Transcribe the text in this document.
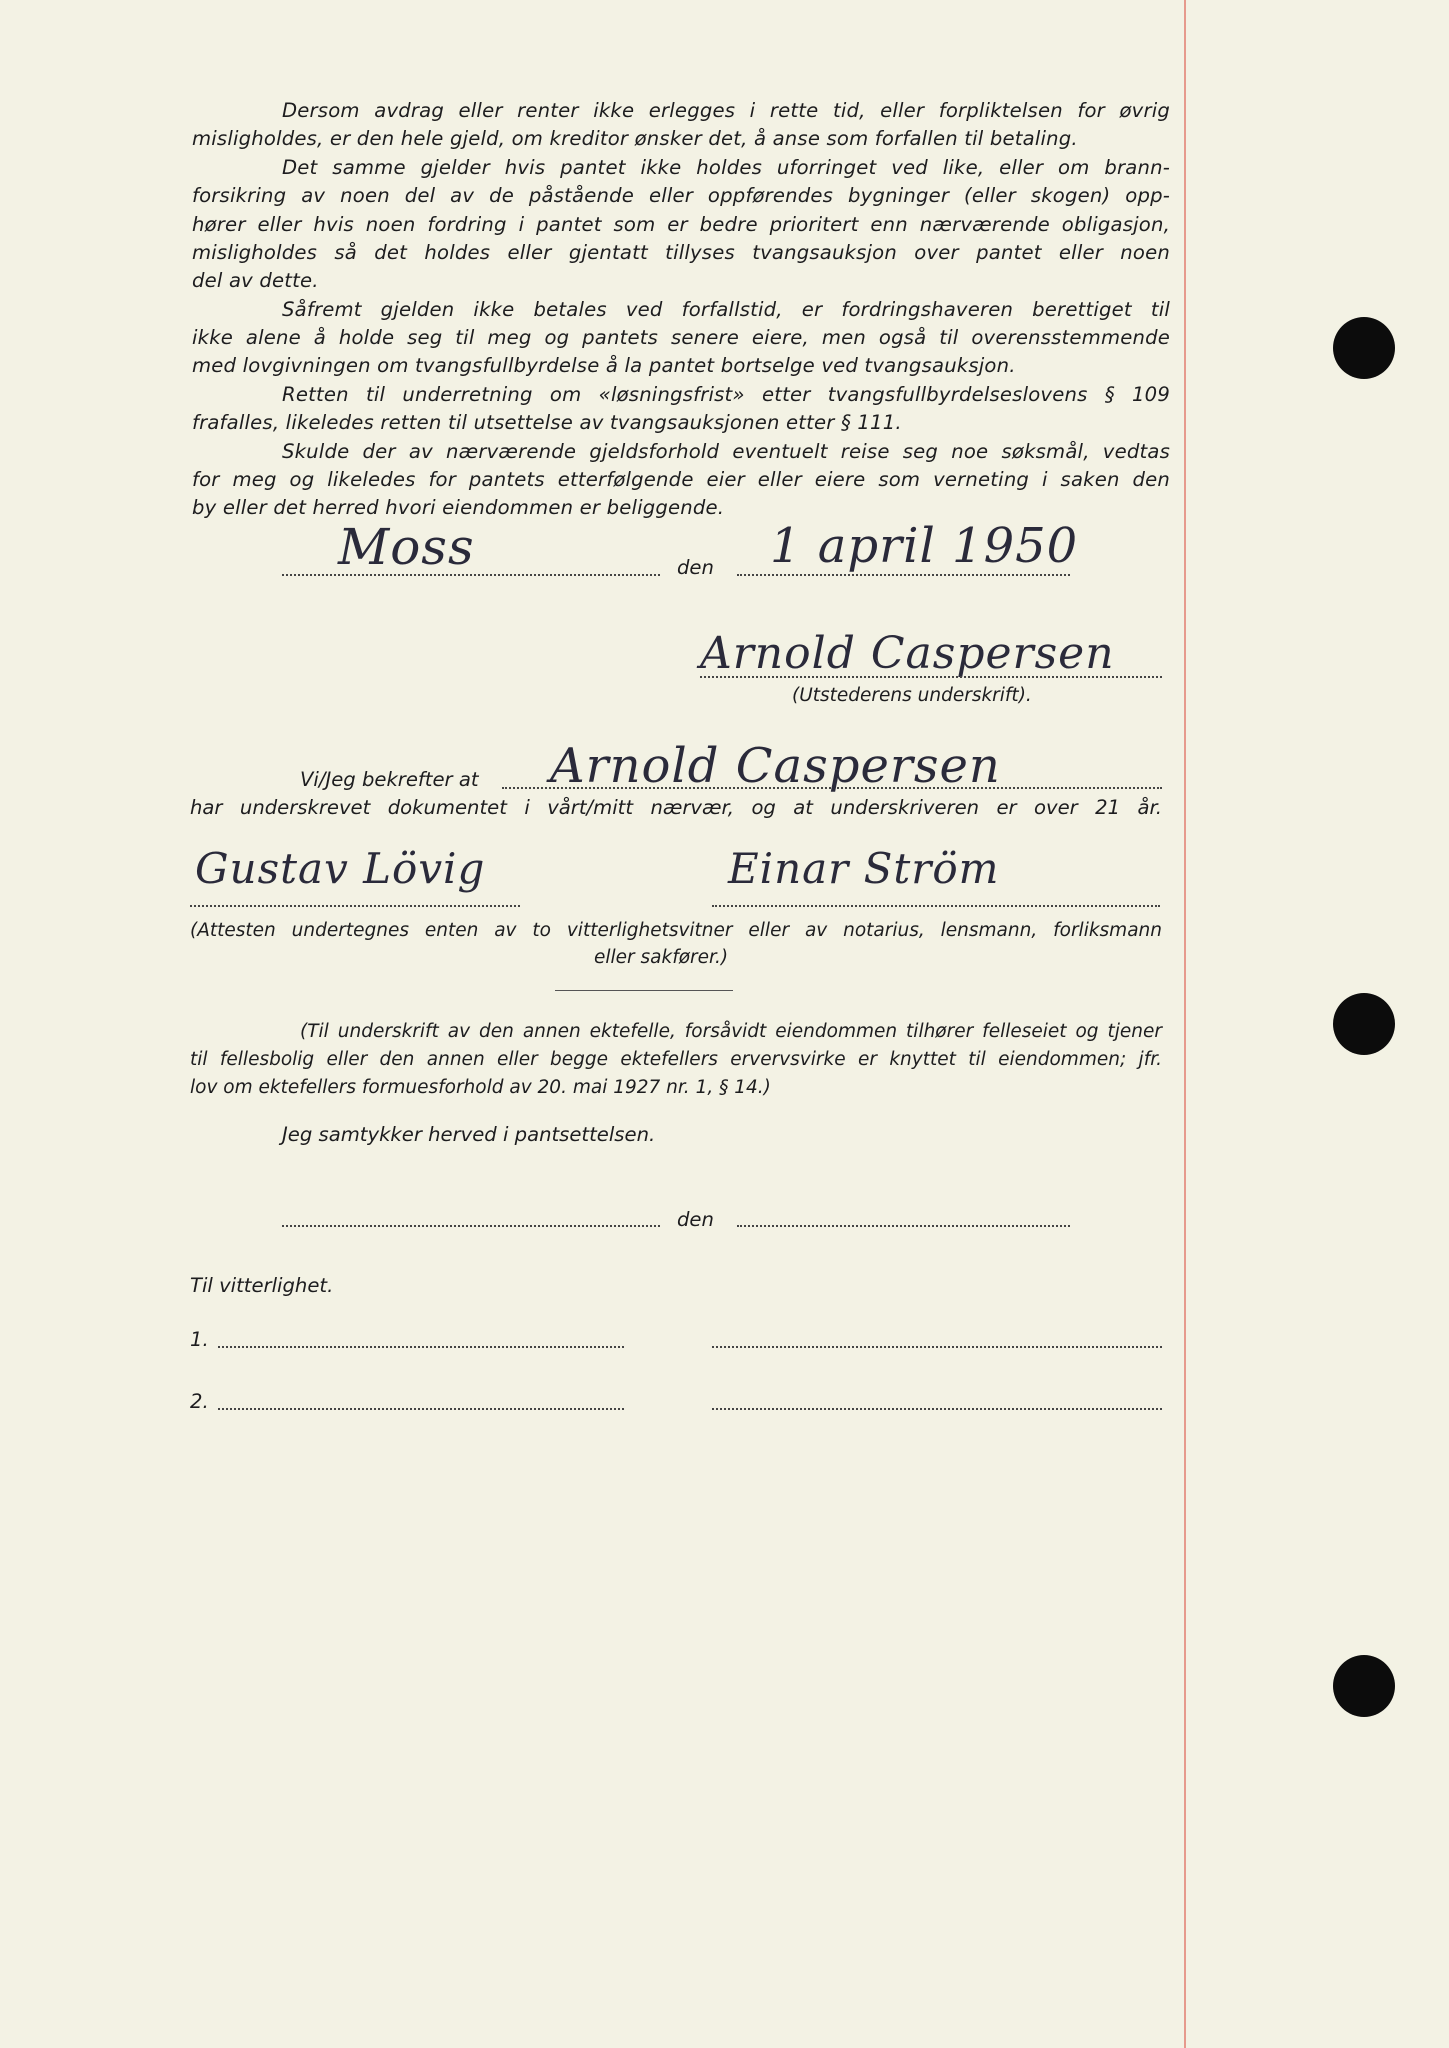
Dersom avdrag eller renter ikke erlegges i rette tid, eller forpliktelsen for øvrig

misligholdes, er den hele gjeld, om kreditor ønsker det, å anse som forfallen til betaling.

Det samme gjelder hvis pantet ikke holdes uforringet ved like, eller om brann-

forsikring av noen del av de påstående eller oppførendes bygninger (eller skogen) opp-

hører eller hvis noen fordring i pantet som er bedre prioritert enn nærværende obligasjon,

misligholdes så det holdes eller gjentatt tillyses tvangsauksjon over pantet eller noen

del av dette.

Såfremt gjelden ikke betales ved forfallstid, er fordringshaveren berettiget til

ikke alene å holde seg til meg og pantets senere eiere, men også til overensstemmende

med lovgivningen om tvangsfullbyrdelse å la pantet bortselge ved tvangsauksjon.

Retten til underretning om «løsningsfrist» etter tvangsfullbyrdelseslovens § 109

frafalles, likeledes retten til utsettelse av tvangsauksjonen etter § 111.

Skulde der av nærværende gjeldsforhold eventuelt reise seg noe søksmål, vedtas

for meg og likeledes for pantets etterfølgende eier eller eiere som verneting i saken den

by eller det herred hvori eiendommen er beliggende.

Moss	den 1 april 1950
Arnold Caspersen
(Utstederens underskrift).
Vi/Jeg bekrefter at Arnold Caspersen
har underskrevet dokumentet i vårt/mitt nærvær, og at underskriveren er over 21 år.
Gustav Lövig	Einar Ström
(Attesten undertegnes enten av to vitterlighetsvitner eller av notarius, lensmann, forliksmann
eller sakfører.)
(Til underskrift av den annen ektefelle, forsåvidt eiendommen tilhører felleseiet og tjener
til fellesbolig eller den annen eller begge ektefellers ervervsvirke er knyttet til eiendommen; jfr.
lov om ektefellers formuesforhold av 20. mai 1927 nr. 1, § 14.)
Jeg samtykker herved i pantsettelsen.
den
Til vitterlighet.
1.
2.
